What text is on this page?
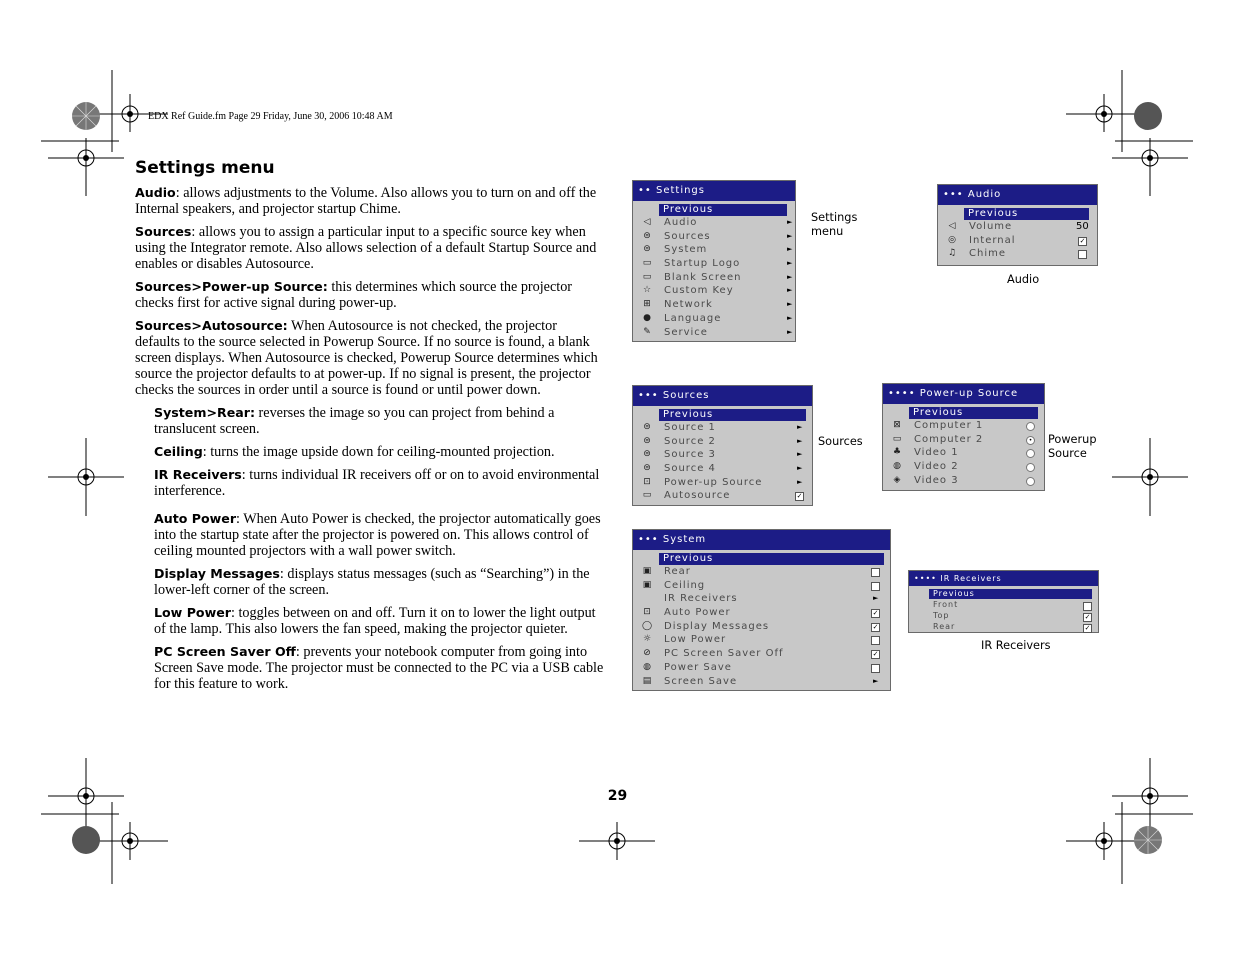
EDX Ref Guide.fm Page 29 Friday, June 30, 2006 10:48 AM
Settings menu

Audio: allows adjustments to the Volume. Also allows you to turn on and off the Internal speakers, and projector startup Chime.

Sources: allows you to assign a particular input to a specific source key when using the Integrator remote. Also allows selection of a default Startup Source and enables or disables Autosource.

Sources>Power-up Source: this determines which source the projector checks first for active signal during power-up.

Sources>Autosource: When Autosource is not checked, the projector defaults to the source selected in Powerup Source. If no source is found, a blank screen displays. When Autosource is checked, Powerup Source determines which source the projector defaults to at power-up. If no signal is present, the projector checks the sources in order until a source is found or until power down.

System>Rear: reverses the image so you can project from behind a translucent screen.

Ceiling: turns the image upside down for ceiling-mounted projection.

IR Receivers: turns individual IR receivers off or on to avoid environmental interference.

Auto Power: When Auto Power is checked, the projector automatically goes into the startup state after the projector is powered on. This allows control of ceiling mounted projectors with a wall power switch.

Display Messages: displays status messages (such as “Searching”) in the lower-left corner of the screen.

Low Power: toggles between on and off. Turn it on to lower the light output of the lamp. This also lowers the fan speed, making the projector quieter.

PC Screen Saver Off: prevents your notebook computer from going into Screen Save mode. The projector must be connected to the PC via a USB cable for this feature to work.

29
•• Settings
Previous
◁ Audio	►
⊜ Sources	►
⊜ System	►
▭ Startup Logo	►
▭ Blank Screen	►
☆ Custom Key	►
⊞ Network	►
● Language	►
✎ Service	►
Settings
menu
••• Audio
Previous
◁ Volume	50
◎ Internal	✓
♫ Chime
Audio
••• Sources
Previous
⊜ Source 1	►
⊜ Source 2	►
⊜ Source 3	►
⊜ Source 4	►
⊡ Power-up Source	►
▭ Autosource	✓
Sources
•••• Power-up Source
Previous
⊠ Computer 1
▭ Computer 2	•
♣ Video 1
◍ Video 2
◈ Video 3
Powerup
Source
••• System
Previous
▣ Rear
▣ Ceiling
IR Receivers	►
⊡ Auto Power	✓
◯ Display Messages	✓
☼ Low Power
⊘ PC Screen Saver Off	✓
◍ Power Save
▤ Screen Save	►
•••• IR Receivers
Previous
Front
Top	✓
Rear	✓
IR Receivers
